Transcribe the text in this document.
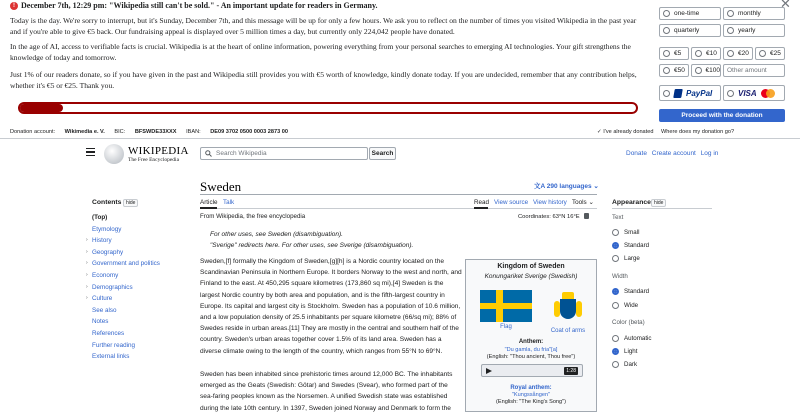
! December 7th, 12:29 pm: "Wikipedia still can't be sold." - An important update for readers in Germany.
Today is the day. We're sorry to interrupt, but it's Sunday, December 7th, and this message will be up for only a few hours. We ask you to reflect on the number of times you visited Wikipedia in the past year and if you're able to give €5 back. Our fundraising appeal is displayed over 5 million times a day, but currently only 224,042 people have donated.
In the age of AI, access to verifiable facts is crucial. Wikipedia is at the heart of online information, powering everything from your personal searches to emerging AI technologies. Your gift strengthens the knowledge of today and tomorrow.
Just 1% of our readers donate, so if you have given in the past and Wikipedia still provides you with €5 worth of knowledge, kindly donate today. If you are undecided, remember that any contribution helps, whether it's €5 or €25. Thank you.
✕
one-time	monthly
quarterly	yearly
€5	€10	€20	€25
€50	€100 Other amount
PayPal	VISA
Proceed with the donation
Donation account: Wikimedia e. V. BIC: BFSWDE33XXX IBAN: DE09 3702 0500 0003 2873 00	✓ I've already donated Where does my donation go?
WIKIPEDIA
The Free Encyclopedia
Search Wikipedia	Search	Donate Create account Log in
Contents hide
(Top)
Etymology
› History
› Geography
› Government and politics
› Economy
› Demographics
› Culture
See also
Notes
References
Further reading
External links
Sweden	文A 290 languages ⌄
Article Talk	Read View source View history Tools ⌄
From Wikipedia, the free encyclopedia	Coordinates: 63°N 16°E
For other uses, see Sweden (disambiguation).
"Sverige" redirects here. For other uses, see Sverige (disambiguation).
Sweden,[f] formally the Kingdom of Sweden,[g][h] is a Nordic country located on the Scandinavian Peninsula in Northern Europe. It borders Norway to the west and north, and Finland to the east. At 450,295 square kilometres (173,860 sq mi),[4] Sweden is the largest Nordic country by both area and population, and is the fifth-largest country in Europe. Its capital and largest city is Stockholm. Sweden has a population of 10.6 million, and a low population density of 25.5 inhabitants per square kilometre (66/sq mi); 88% of Swedes reside in urban areas.[11] They are mostly in the central and southern half of the country. Sweden's urban areas together cover 1.5% of its land area. Sweden has a diverse climate owing to the length of the country, which ranges from 55°N to 69°N.
Sweden has been inhabited since prehistoric times around 12,000 BC. The inhabitants emerged as the Geats (Swedish: Götar) and Swedes (Svear), who formed part of the sea-faring peoples known as the Norsemen. A unified Swedish state was established during the late 10th century. In 1397, Sweden joined Norway and Denmark to form the
Kingdom of Sweden
Konungariket Sverige (Swedish)
Flag
Coat of arms
Anthem:
"Du gamla, du fria"[a]
(English: "Thou ancient, Thou free")
1:28
Royal anthem:
"Kungssången"
(English: "The King's Song")
Appearance hide
Text
Small
Standard
Large
Width
Standard
Wide
Color (beta)
Automatic
Light
Dark
